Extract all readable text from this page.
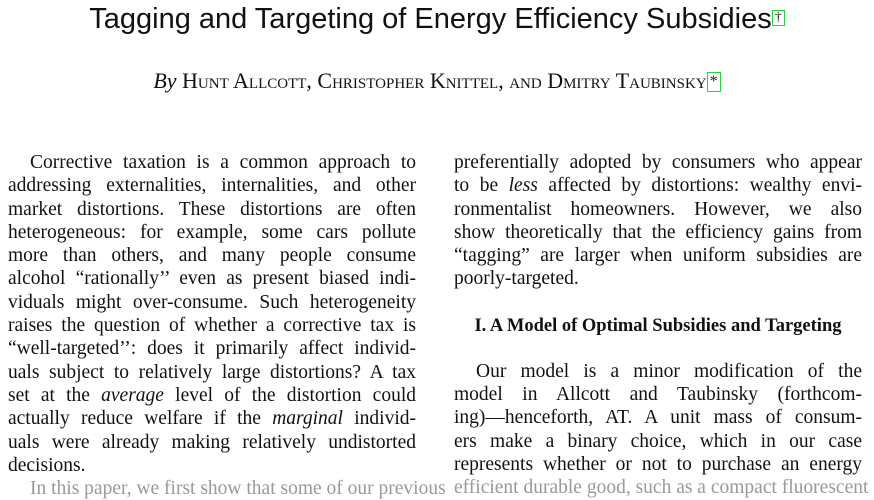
Tagging and Targeting of Energy Efficiency Subsidies †
By Hunt Allcott, Christopher Knittel, and Dmitry Taubinsky *

Corrective taxation is a common approach to
addressing externalities, internalities, and other
market distortions. These distortions are often
heterogeneous: for example, some cars pollute
more than others, and many people consume
alcohol “rationally’’ even as present biased indi-
viduals might over-consume. Such heterogeneity
raises the question of whether a corrective tax is
“well-targeted’’: does it primarily affect individ-
uals subject to relatively large distortions? A tax
set at the average level of the distortion could
actually reduce welfare if the marginal individ-
uals were already making relatively undistorted
decisions.
In this paper, we first show that some of our previous

preferentially adopted by consumers who appear
to be less affected by distortions: wealthy envi-
ronmentalist homeowners. However, we also
show theoretically that the efficiency gains from
“tagging” are larger when uniform subsidies are
poorly-targeted.

I. A Model of Optimal Subsidies and Targeting

Our model is a minor modification of the
model in Allcott and Taubinsky (forthcom-
ing)—henceforth, AT. A unit mass of consum-
ers make a binary choice, which in our case
represents whether or not to purchase an energy
efficient durable good, such as a compact fluorescent
